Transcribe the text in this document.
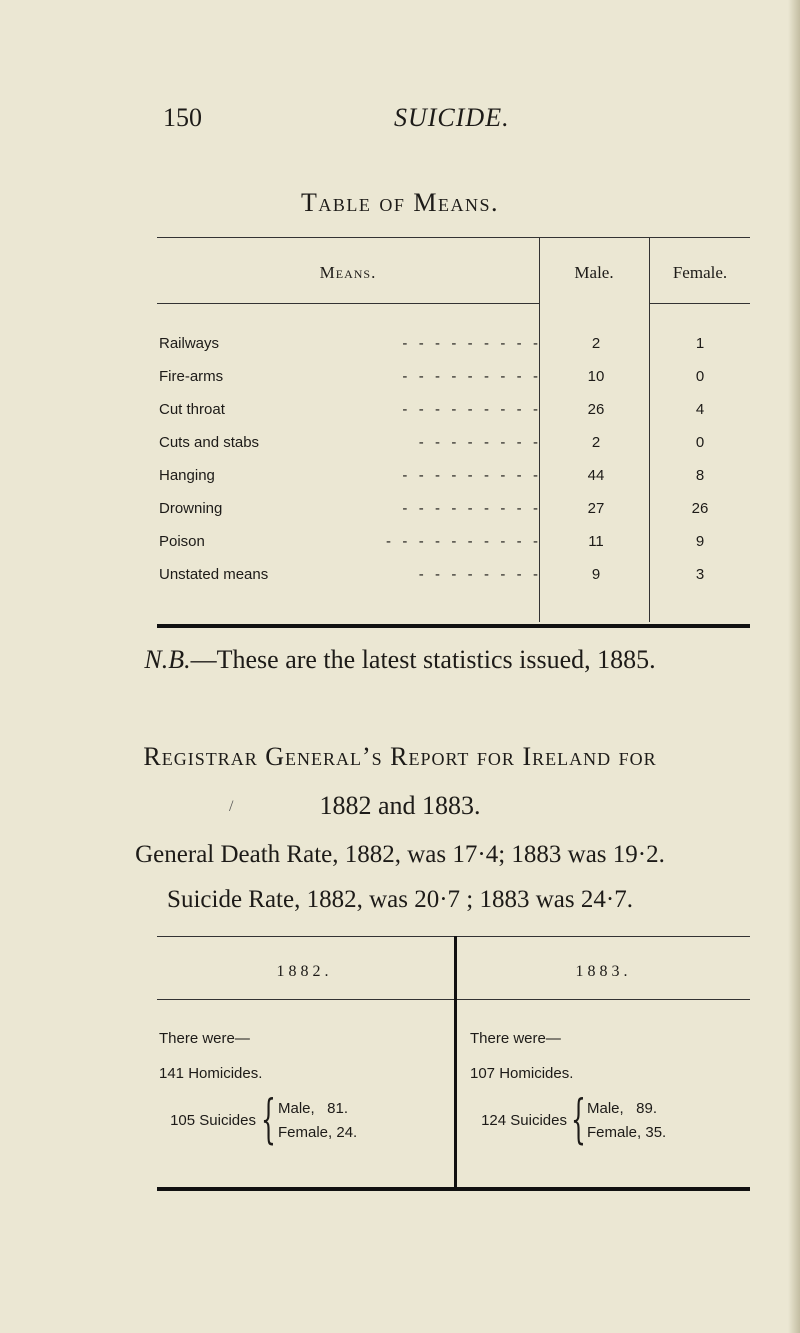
150	SUICIDE.
Table of Means.
Means.	Male.	Female.
Railways	-  -  -  -  -  -  -  -  -	2	1
Fire-arms	-  -  -  -  -  -  -  -  -	10	0
Cut throat	-  -  -  -  -  -  -  -  -	26	4
Cuts and stabs	-  -  -  -  -  -  -  -	2	0
Hanging	-  -  -  -  -  -  -  -  -	44	8
Drowning	-  -  -  -  -  -  -  -  -	27	26
Poison	-  -  -  -  -  -  -  -  -  -	11	9
Unstated means	-  -  -  -  -  -  -  -	9	3
N.B.—These are the latest statistics issued, 1885.
Registrar General’s Report for Ireland for
/	1882 and 1883.
General Death Rate, 1882, was 17·4; 1883 was 19·2.
Suicide Rate, 1882, was 20·7 ; 1883 was 24·7.
1882.	1883.
There were—
141 Homicides.
105 Suicides { Male,   81.
Female, 24.
There were—
107 Homicides.
124 Suicides { Male,   89.
Female, 35.
